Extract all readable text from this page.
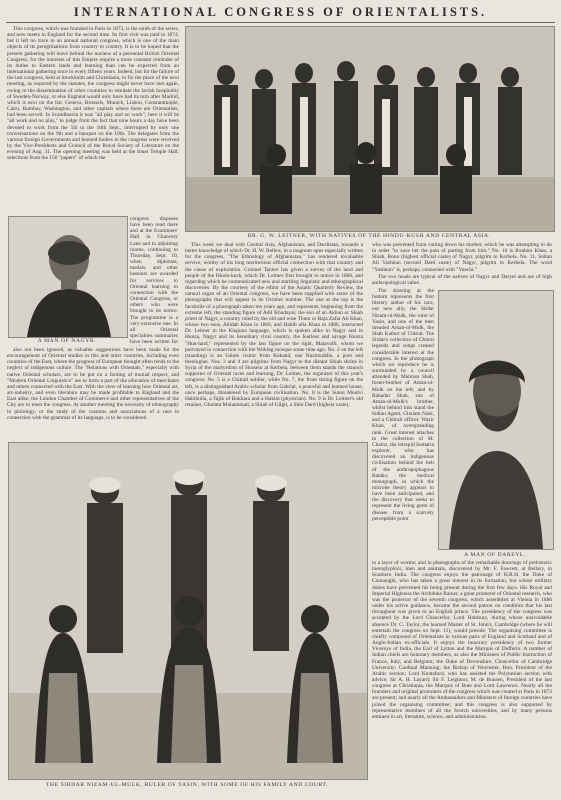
INTERNATIONAL CONGRESS OF ORIENTALISTS.

This congress, which was founded in Paris in 1873, is the ninth of the series, and now meets in England for the second time. Its first visit was paid in 1874, but it left no trace in an annual national congress, which is one of the main objects of its peregrinations from country to country. It is to be hoped that the present gathering will leave behind the nucleus of a perennial British Oriental Congress, for the interests of this Empire require a more constant reminder of its duties to Eastern lands and learning than can be expected from an international gathering once in every fifteen years. Indeed, but for the failure of the last congress, held at Stockholm and Christiania, to fix the place of the next meeting, as required by the statutes, the congress might never have met again, owing to the dissemination of other countries to emulate the lavish hospitality of Sweden-Norway, or else England would only have had its turn after Madrid, which is next on the list. Geneva, Brussels, Munich, Lisbon, Constantinople, Cairo, Bombay, Washington, and other capitals where there are Orientalists, had been served. In Scandinavia it was "all play and no work"; here it will be "all work and no play," to judge from the fact that nine hours a day have been devoted to work from the 5th to the 10th Sept., interrupted by only one conversazione on the 9th and a banquet on the 10th. The delegates from the various foreign Governments and learned bodies in the congress were received by the Vice-Presidents and Council of the Royal Society of Literature on the evening of Aug. 31. The opening meeting was held at the Inner Temple Hall; selections from the 150 "papers" of which the

A MAN OF NAGYR.

congress disposes have been read there and at the Examiners' Hall in Chancery Lane and in adjoining rooms, continuing to Thursday, Sept. 10, when diplomas, medals, and other honours are awarded for services to Oriental learning in connection with the Oriental Congress, or others who were brought to its notice. The programme is a very extensive one. In all Oriental specialties summaries have been written for

also not been ignored, as valuable suggestions have been made for the encouragement of Oriental studies in this and other countries, including even countries of the East, where the progress of European thought often tends to the neglect of indigenous culture. The "Relations with Orientals," especially with native Oriental scholars, are to be put on a footing of mutual respect, and "Modern Oriental Linguistics" are to form a part of the education of merchants and others connected with the East. With the view of learning how Oriental art, art-industry, and even literature may be made profitable to England and the East alike, the London Chamber of Commerce and other representatives of the City are to meet the congress. At another meeting the necessity of ethnography in philology, or the study of the customs and associations of a race in connection with the grammar of its language, is to be considered.

DR. G. W. LEITNER, WITH NATIVES OF THE HINDU-KUSH AND CENTRAL ASIA.

This week we deal with Central Asia, Afghanistan, and Dardistan, towards a better knowledge of which Dr. H. W. Bellew, in a magnum opus especially written for the congress, "The Ethnology of Afghanistan," has rendered invaluable service, worthy of his long meritorious official connection with that country and the cause of exploration. Colonel Tanner has given a survey of the land and people of the Hindu-kush, which Dr. Leitner first brought to notice in 1866, and regarding which he communicated new and startling linguistic and ethnographical discoveries. By the courtesy of the editor of the Asiatic Quarterly Review, the natural organ of an Oriental congress, we have been supplied with some of the photographs that will appear in its October number. The one at the top is the facsimile of a photograph taken ten years ago, and represents, beginning from the extreme left, the standing figure of Adil Khudayar, the son of an Akhun or Shiah priest of Nagyr, a country ruled by the old and wise Thum or Raja Zafar Ali Khan, whose two sons, Abidah Khan in 1866, and Habib ulla Khan in 1886, instructed Dr. Leitner in the Khajuna language, which is spoken alike in Nagyr and in Hunza, Nagyr and its hereditary rival country, the fearless and savage Hunza "Hun-land," represented by the last figure on the right, Matavulli, whom we portrayed in connection with the Woking mosque some time ago. No. 2 on the left (standing) is an Usbek visitor from Kokand, one Nazimuddin, a poet and theologian. Nos. 3 and 4 are pilgrims from Nagyr to the distant Shiah shrine in Syria of the martyrdom of Hussein at Kerbela, between them stands the staunch supporter of Oriental races and learning, Dr. Leitner, the organiser of this year's congress; No. 5 is a Chitrali soldier, while No. 7, the front sitting figure on the left, is a distinguished Arabic scholar from Gabrial, a peaceful and learned house, once perhaps, threatened by European civilisation. No. 8 is the Sunni Moulvi Habibulla, a Tajik of Bukhara and a Hakim (physician). No. 9 is Dr. Leitner's old retainer, Ghulam Muhammad, a Shiah of Gilgit, a Shin Dard (highest caste),

who was prevented from cutting down his mother, which he was attempting to do in order "to save her the pain of parting from him." No. 10 is Ibrahim Khan, a Shiah, Rono (highest official caste) of Nagyr, pilgrim to Kerbela. No. 11, Sultan Ali Yashkun (second Dard caste) of Nagyr, pilgrim to Kerbela. The word "Yashkun" is, perhaps, connected with "Yuechi."

The two heads are typical of the natives of Nagyr and Daryel and are of high anthropological value.

The drawing at the bottom represents the first literary author of his race, our new ally, the Sirdar Nizam-ul-Mulk, the ruler of Yasin, and one of the men dreaded Aman-ul-Mulk, the Shah Kathor of Chitral. The Sirdar's collection of Chitral legends and songs created considerable interest at the congress. In the photograph which we reproduce he is surrounded by a council attended by Maimun Shah, foster-brother of Aman-ul-Mulk on the left, and by Bahadur Shah, son of Aman-ul-Mulk's brother, whilst behind him stand the Indian Agent, Ghulam Nabi, and a Chitrali officer. Wazir Khan, of overspreading rank. Great interest attaches to the collection of M. Chaloz, the intrepid Sumatra explorer, who has discovered an indigenous civilisation behind the belt of the anthropophagous Bataks; the medical monograph, in which the microbe theory appears to have been anticipated, and the discovery that seeks to represent the living germ of disease from a scarcely perceptible point

A MAN OF DAREYL.

to a layer of worms; and in photographs of the remarkable drawings of prehistoric hieroglyphics, men and animals, discovered by Mr. F. Fawcett, at Bellary, in Southern India. The congress enjoys the patronage of H.R.H. the Duke of Connaught, who has taken a great interest in its formation, but whose military duties have prevented his being present during the first few days. His Royal and Imperial Highness the Archduke Rainer, a great promoter of Oriental research, who was the protector of the seventh congress, which assembled at Vienna in 1886 under his active guidance, became the second patron on condition that his last throughout was given to an English prince. The presidency of the congress was accepted by the Lord Chancellor, Lord Halsbury, during whose unavoidable absence Dr. C. Taylor, the learned Master of St. John's, Cambridge (where he will entertain the congress on Sept. 11), would preside. The organising committee is chiefly composed of Orientalists in various parts of England and Scotland and of Anglo-Indian ex-officials. It enjoys the honorary presidency of two former Viceroys of India, the Earl of Lytton and the Marquis of Dufferin. A number of Indian chiefs are honorary members, as also the Ministers of Public Instruction of France, Italy, and Belgium; the Duke of Devonshire, Chancellor of Cambridge University; Cardinal Manning; the Bishop of Worcester, Hon. President of the Arabic section; Lord Knutsford, who has assisted the Polynesian section with advice; Sir A. H. Layard; Sir F. Leighton; M. de Bunsen, President of the last congress at Christiania, the Marquis of Bute and Lord Lawrence. Nearly all the founders and original promoters of the congress which was created at Paris in 1873 are present; and nearly all the Ambassadors and Ministers of foreign countries have joined the organising committee; and this congress is also supported by representative members of all the Scotch universities, and by many persons eminent in art, literature, science, and administration.

THE SIRDAR NIZAM-UL-MULK, RULER OF YASIN, WITH SOME OF HIS FAMILY AND COURT.
